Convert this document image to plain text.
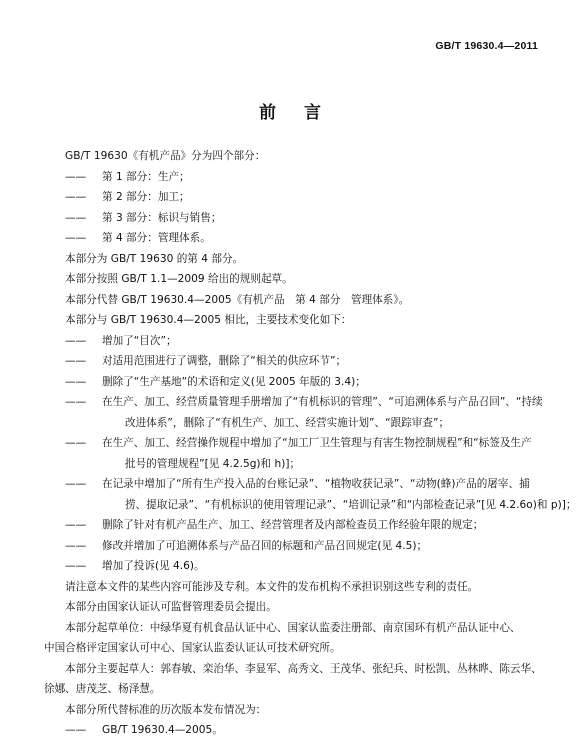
GB/T 19630.4—2011
前言
GB/T 19630《有机产品》分为四个部分：
—— 第 1 部分：生产；
—— 第 2 部分：加工；
—— 第 3 部分：标识与销售；
—— 第 4 部分：管理体系。
本部分为 GB/T 19630 的第 4 部分。
本部分按照 GB/T 1.1—2009 给出的规则起草。
本部分代替 GB/T 19630.4—2005《有机产品　第 4 部分　管理体系》。
本部分与 GB/T 19630.4—2005 相比，主要技术变化如下：
—— 增加了“目次”；
—— 对适用范围进行了调整，删除了“相关的供应环节”；
—— 删除了“生产基地”的术语和定义(见 2005 年版的 3.4)；
—— 在生产、加工、经营质量管理手册增加了“有机标识的管理”、“可追溯体系与产品召回”、“持续
改进体系”，删除了“有机生产、加工、经营实施计划”、“跟踪审查”；
—— 在生产、加工、经营操作规程中增加了“加工厂卫生管理与有害生物控制规程”和“标签及生产
批号的管理规程”[见 4.2.5g)和 h)]；
—— 在记录中增加了“所有生产投入品的台账记录”、“植物收获记录”、“动物(蜂)产品的屠宰、捕
捞、提取记录”、“有机标识的使用管理记录”、“培训记录”和“内部检查记录”[见 4.2.6o)和 p)]；
—— 删除了针对有机产品生产、加工、经营管理者及内部检查员工作经验年限的规定；
—— 修改并增加了可追溯体系与产品召回的标题和产品召回规定(见 4.5)；
—— 增加了投诉(见 4.6)。
请注意本文件的某些内容可能涉及专利。本文件的发布机构不承担识别这些专利的责任。
本部分由国家认证认可监督管理委员会提出。
本部分起草单位：中绿华夏有机食品认证中心、国家认监委注册部、南京国环有机产品认证中心、
中国合格评定国家认可中心、国家认监委认证认可技术研究所。
本部分主要起草人：郭春敏、栾治华、李显军、高秀文、王茂华、张纪兵、时松凯、丛林晔、陈云华、
徐娜、唐茂芝、杨泽慧。
本部分所代替标准的历次版本发布情况为：
—— GB/T 19630.4—2005。
